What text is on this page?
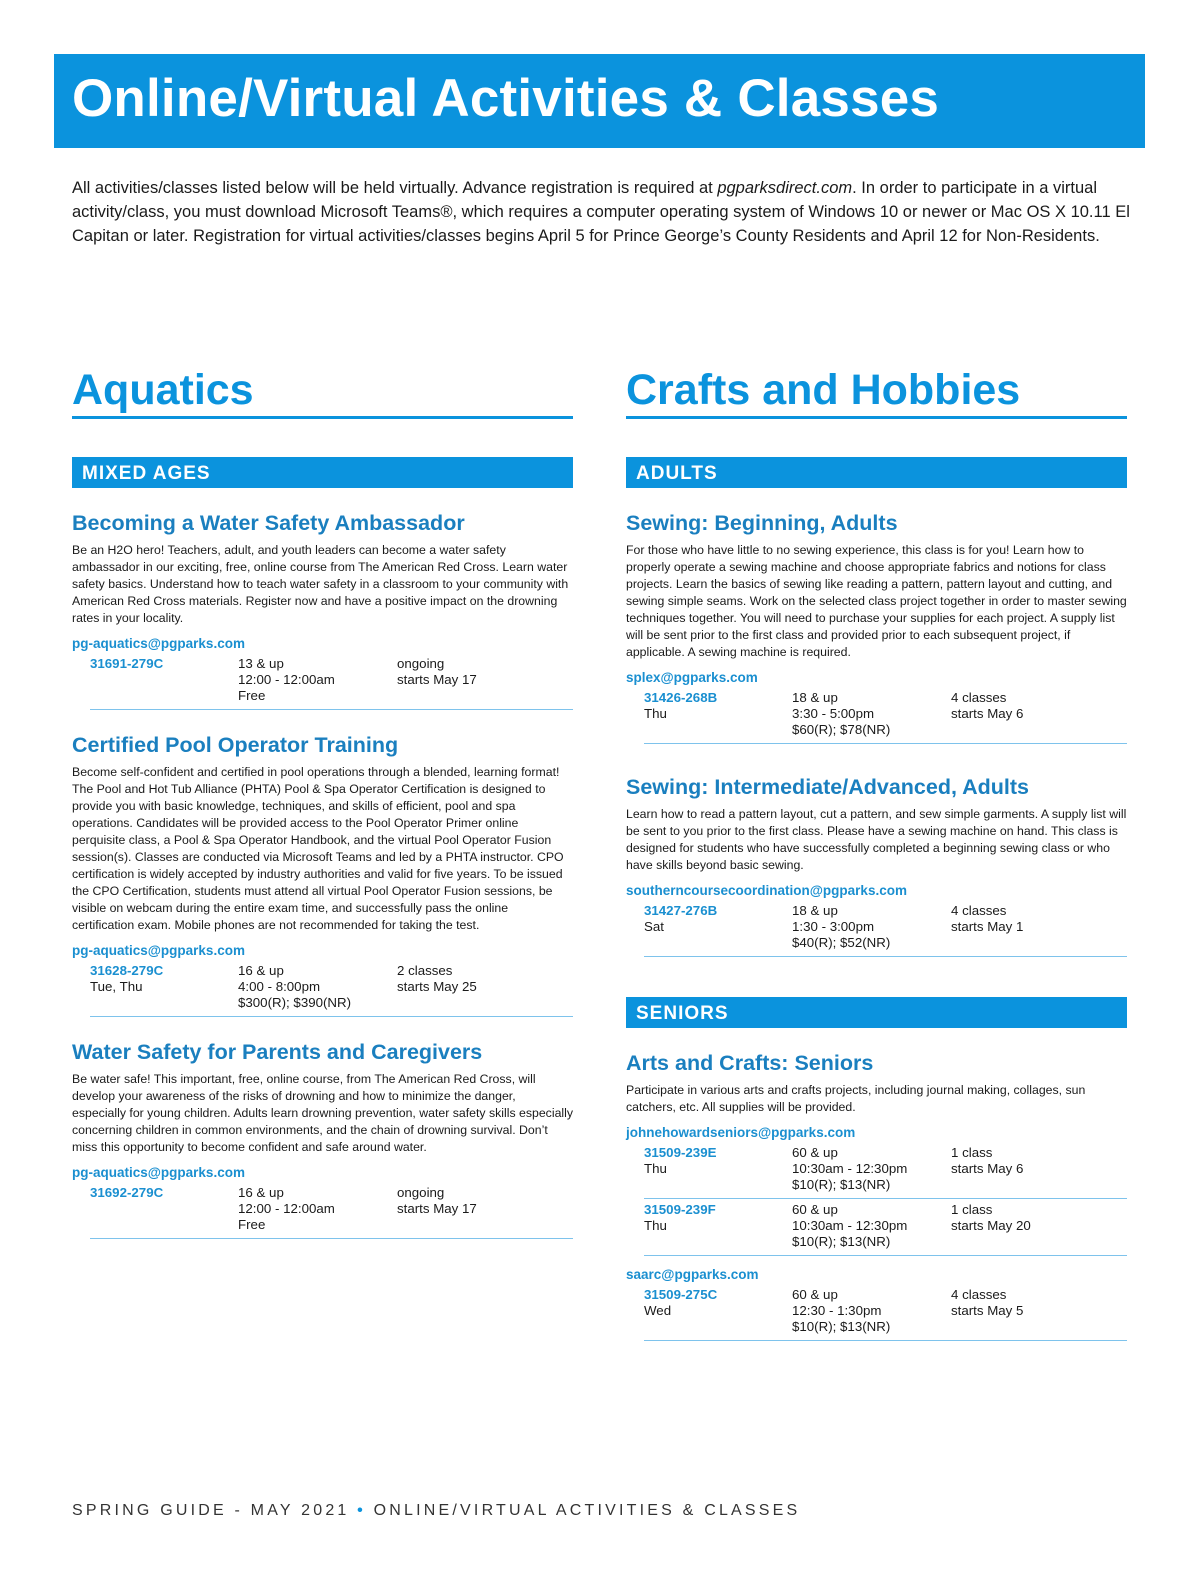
Online/Virtual Activities & Classes

All activities/classes listed below will be held virtually. Advance registration is required at pgparksdirect.com. In order to participate in a virtual activity/class, you must download Microsoft Teams®, which requires a computer operating system of Windows 10 or newer or Mac OS X 10.11 El Capitan or later. Registration for virtual activities/classes begins April 5 for Prince George’s County Residents and April 12 for Non-Residents.

Aquatics
MIXED AGES
Becoming a Water Safety Ambassador

Be an H2O hero! Teachers, adult, and youth leaders can become a water safety ambassador in our exciting, free, online course from The American Red Cross. Learn water safety basics. Understand how to teach water safety in a classroom to your community with American Red Cross materials. Register now and have a positive impact on the drowning rates in your locality.

pg-aquatics@pgparks.com
31691-279C	13 & up
12:00 - 12:00am
Free
ongoing
starts May 17
Certified Pool Operator Training

Become self-confident and certified in pool operations through a blended, learning format! The Pool and Hot Tub Alliance (PHTA) Pool & Spa Operator Certification is designed to provide you with basic knowledge, techniques, and skills of efficient, pool and spa operations. Candidates will be provided access to the Pool Operator Primer online perquisite class, a Pool & Spa Operator Handbook, and the virtual Pool Operator Fusion session(s). Classes are conducted via Microsoft Teams and led by a PHTA instructor. CPO certification is widely accepted by industry authorities and valid for five years. To be issued the CPO Certification, students must attend all virtual Pool Operator Fusion sessions, be visible on webcam during the entire exam time, and successfully pass the online certification exam. Mobile phones are not recommended for taking the test.

pg-aquatics@pgparks.com
31628-279C
Tue, Thu
16 & up
4:00 - 8:00pm
$300(R); $390(NR)
2 classes
starts May 25
Water Safety for Parents and Caregivers

Be water safe! This important, free, online course, from The American Red Cross, will develop your awareness of the risks of drowning and how to minimize the danger, especially for young children. Adults learn drowning prevention, water safety skills especially concerning children in common environments, and the chain of drowning survival. Don’t miss this opportunity to become confident and safe around water.

pg-aquatics@pgparks.com
31692-279C	16 & up
12:00 - 12:00am
Free
ongoing
starts May 17
Crafts and Hobbies
ADULTS
Sewing: Beginning, Adults

For those who have little to no sewing experience, this class is for you! Learn how to properly operate a sewing machine and choose appropriate fabrics and notions for class projects. Learn the basics of sewing like reading a pattern, pattern layout and cutting, and sewing simple seams. Work on the selected class project together in order to master sewing techniques together. You will need to purchase your supplies for each project. A supply list will be sent prior to the first class and provided prior to each subsequent project, if applicable. A sewing machine is required.

splex@pgparks.com
31426-268B
Thu
18 & up
3:30 - 5:00pm
$60(R); $78(NR)
4 classes
starts May 6
Sewing: Intermediate/Advanced, Adults

Learn how to read a pattern layout, cut a pattern, and sew simple garments. A supply list will be sent to you prior to the first class. Please have a sewing machine on hand. This class is designed for students who have successfully completed a beginning sewing class or who have skills beyond basic sewing.

southerncoursecoordination@pgparks.com
31427-276B
Sat
18 & up
1:30 - 3:00pm
$40(R); $52(NR)
4 classes
starts May 1
SENIORS
Arts and Crafts: Seniors

Participate in various arts and crafts projects, including journal making, collages, sun catchers, etc. All supplies will be provided.

johnehowardseniors@pgparks.com
31509-239E
Thu
60 & up
10:30am - 12:30pm
$10(R); $13(NR)
1 class
starts May 6
31509-239F
Thu
60 & up
10:30am - 12:30pm
$10(R); $13(NR)
1 class
starts May 20
saarc@pgparks.com
31509-275C
Wed
60 & up
12:30 - 1:30pm
$10(R); $13(NR)
4 classes
starts May 5
SPRING GUIDE - MAY 2021 • ONLINE/VIRTUAL ACTIVITIES & CLASSES
